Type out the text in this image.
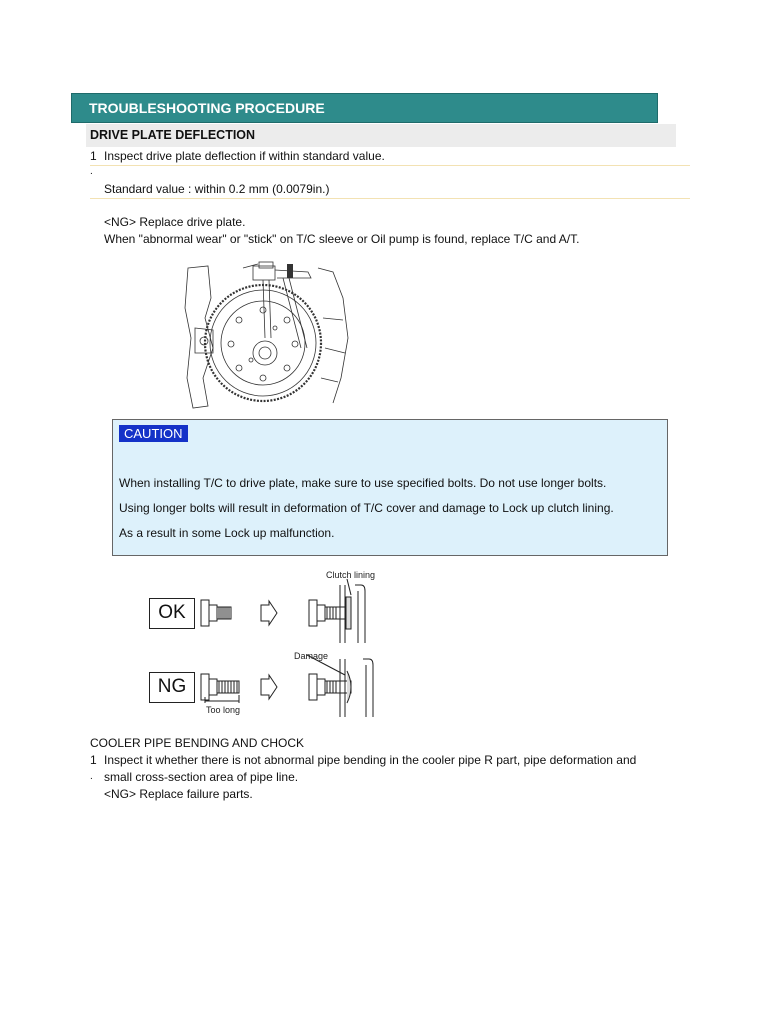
TROUBLESHOOTING PROCEDURE
DRIVE PLATE DEFLECTION
1 Inspect drive plate deflection if within standard value.
.
Standard value : within 0.2 mm (0.0079in.)
<NG> Replace drive plate.
When "abnormal wear" or "stick" on T/C sleeve or Oil pump is found, replace T/C and A/T.
CAUTION
When installing T/C to drive plate, make sure to use specified bolts. Do not use longer bolts.
Using longer bolts will result in deformation of T/C cover and damage to Lock up clutch lining.
As a result in some Lock up malfunction.
OK
NG
Clutch lining
Damage
Too long
COOLER PIPE BENDING AND CHOCK
1 Inspect it whether there is not abnormal pipe bending in the cooler pipe R part, pipe deformation and
. small cross-section area of pipe line.
<NG> Replace failure parts.
